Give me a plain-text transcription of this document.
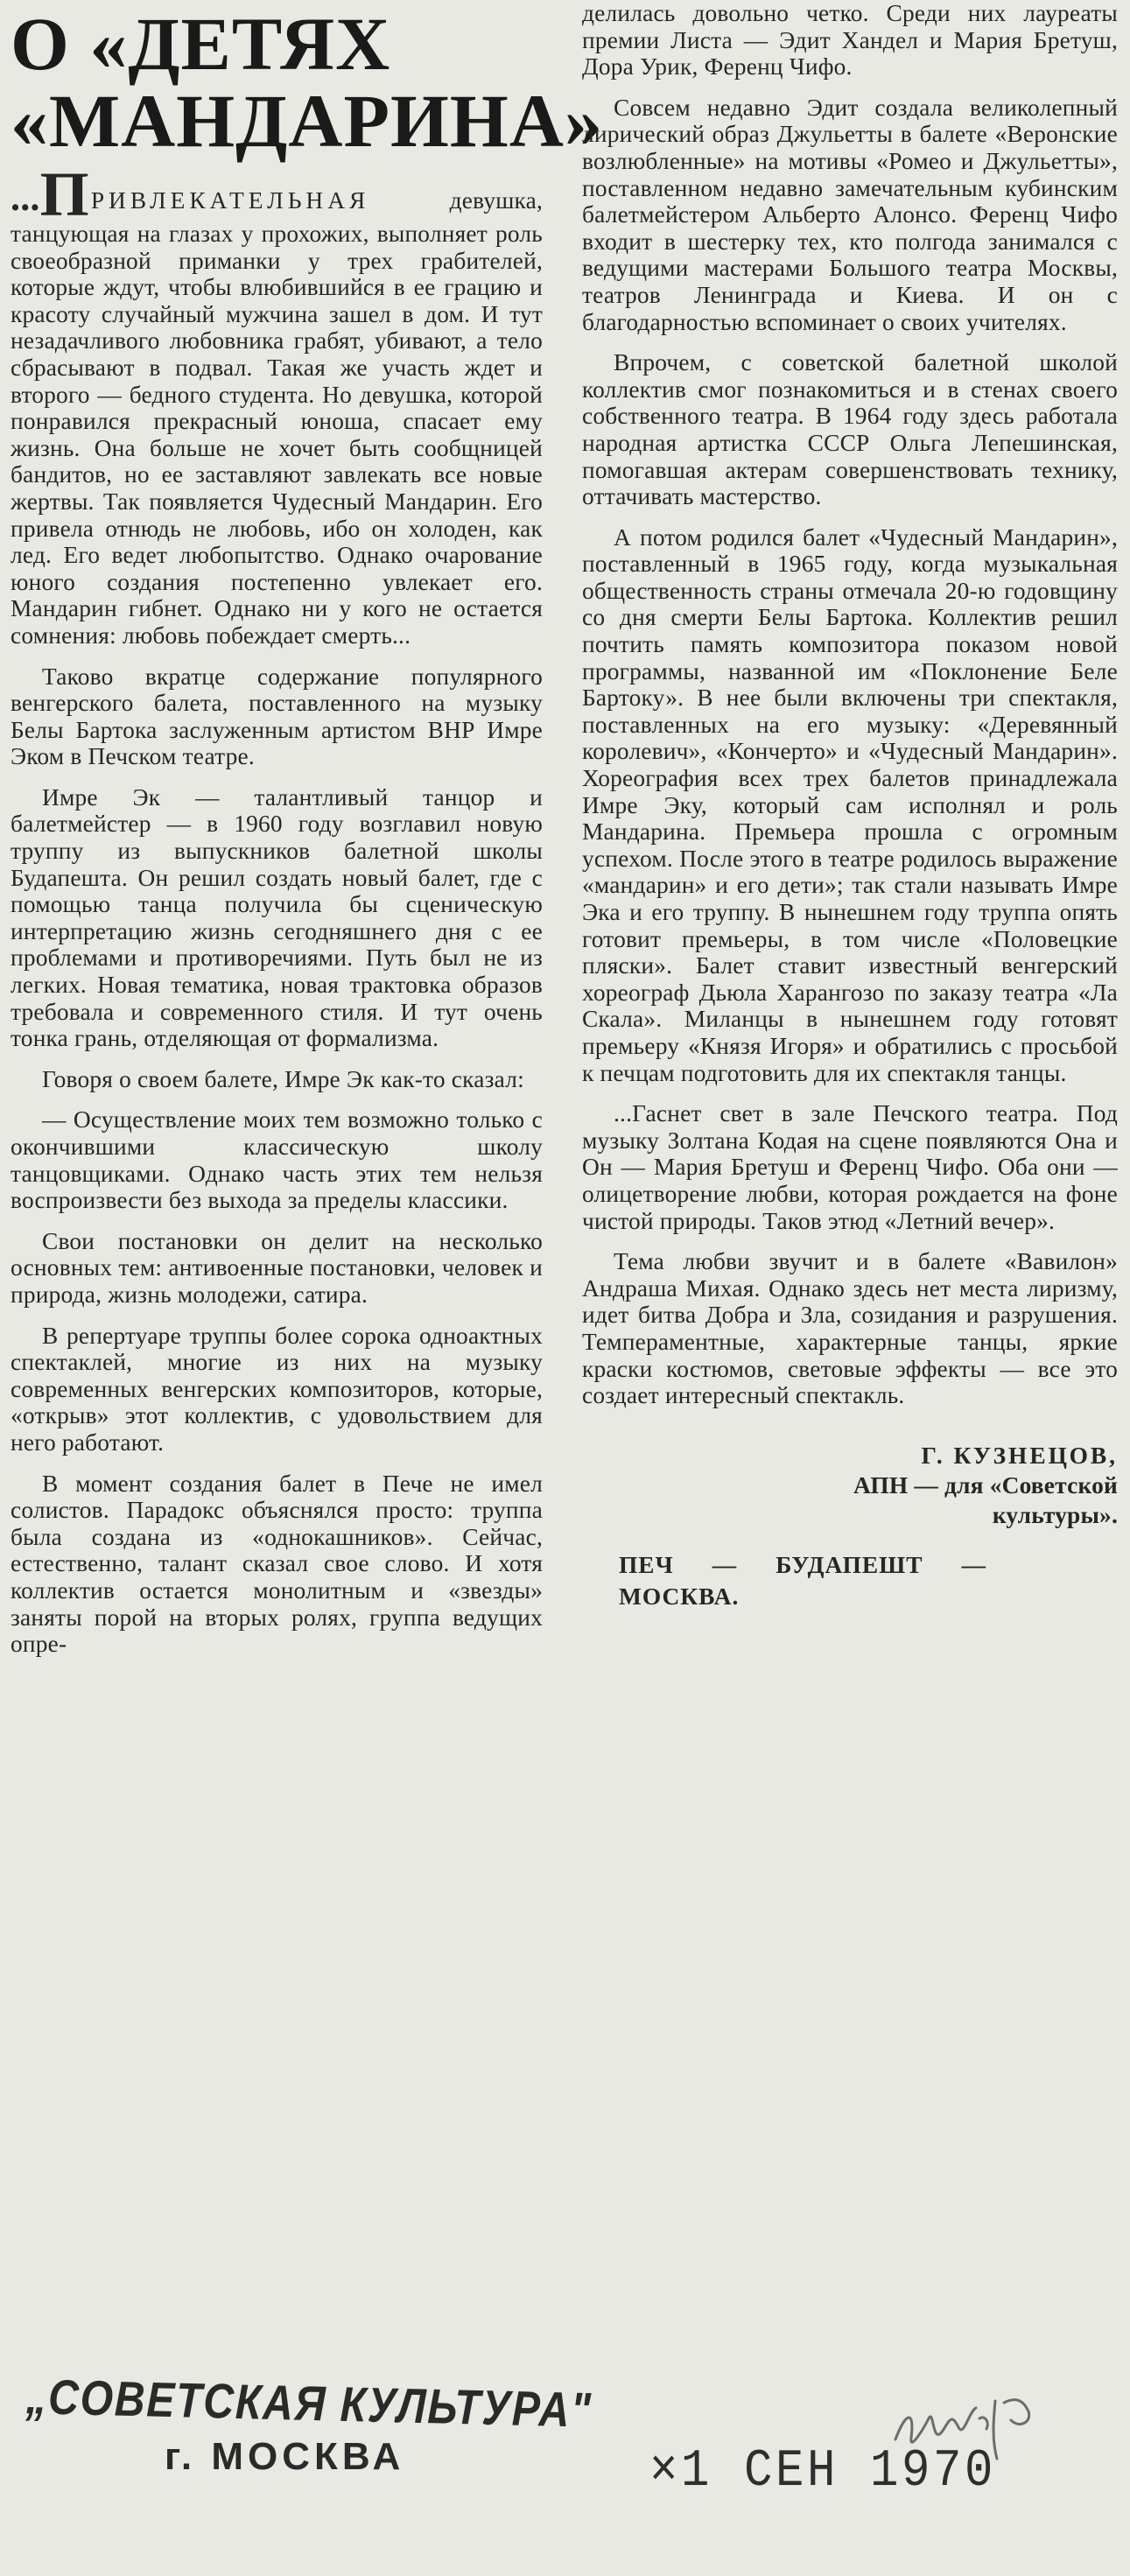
О «ДЕТЯХ
«МАНДАРИНА»

...ПРИВЛЕКАТЕЛЬНАЯ девушка, танцующая на глазах у прохожих, выполняет роль своеобразной приманки у трех грабителей, которые ждут, чтобы влюбившийся в ее грацию и красоту случайный мужчина зашел в дом. И тут незадачливого любовника грабят, убивают, а тело сбрасывают в подвал. Такая же участь ждет и второго — бедного студента. Но девушка, которой понравился прекрасный юноша, спасает ему жизнь. Она больше не хочет быть сообщницей бандитов, но ее заставляют завлекать все новые жертвы. Так появляется Чудесный Мандарин. Его привела отнюдь не любовь, ибо он холоден, как лед. Его ведет любопытство. Однако очарование юного создания постепенно увлекает его. Мандарин гибнет. Однако ни у кого не остается сомнения: любовь побеждает смерть...

Таково вкратце содержание популярного венгерского балета, поставленного на музыку Белы Бартока заслуженным артистом ВНР Имре Эком в Печском театре.

Имре Эк — талантливый танцор и балетмейстер — в 1960 году возглавил новую труппу из выпускников балетной школы Будапешта. Он решил создать новый балет, где с помощью танца получила бы сценическую интерпретацию жизнь сегодняшнего дня с ее проблемами и противоречиями. Путь был не из легких. Новая тематика, новая трактовка образов требовала и современного стиля. И тут очень тонка грань, отделяющая от формализма.

Говоря о своем балете, Имре Эк как-то сказал:

— Осуществление моих тем возможно только с окончившими классическую школу танцовщиками. Однако часть этих тем нельзя воспроизвести без выхода за пределы классики.

Свои постановки он делит на несколько основных тем: антивоенные постановки, человек и природа, жизнь молодежи, сатира.

В репертуаре труппы более сорока одноактных спектаклей, многие из них на музыку современных венгерских композиторов, которые, «открыв» этот коллектив, с удовольствием для него работают.

В момент создания балет в Пече не имел солистов. Парадокс объяснялся просто: труппа была создана из «однокашников». Сейчас, естественно, талант сказал свое слово. И хотя коллектив остается монолитным и «звезды» заняты порой на вторых ролях, группа ведущих опре-

делилась довольно четко. Среди них лауреаты премии Листа — Эдит Хандел и Мария Бретуш, Дора Урик, Ференц Чифо.

Совсем недавно Эдит создала великолепный лирический образ Джульетты в балете «Веронские возлюбленные» на мотивы «Ромео и Джульетты», поставленном недавно замечательным кубинским балетмейстером Альберто Алонсо. Ференц Чифо входит в шестерку тех, кто полгода занимался с ведущими мастерами Большого театра Москвы, театров Ленинграда и Киева. И он с благодарностью вспоминает о своих учителях.

Впрочем, с советской балетной школой коллектив смог познакомиться и в стенах своего собственного театра. В 1964 году здесь работала народная артистка СССР Ольга Лепешинская, помогавшая актерам совершенствовать технику, оттачивать мастерство.

А потом родился балет «Чудесный Мандарин», поставленный в 1965 году, когда музыкальная общественность страны отмечала 20-ю годовщину со дня смерти Белы Бартока. Коллектив решил почтить память композитора показом новой программы, названной им «Поклонение Беле Бартоку». В нее были включены три спектакля, поставленных на его музыку: «Деревянный королевич», «Кончерто» и «Чудесный Мандарин». Хореография всех трех балетов принадлежала Имре Эку, который сам исполнял и роль Мандарина. Премьера прошла с огромным успехом. После этого в театре родилось выражение «мандарин» и его дети»; так стали называть Имре Эка и его труппу. В нынешнем году труппа опять готовит премьеры, в том числе «Половецкие пляски». Балет ставит известный венгерский хореограф Дьюла Харангозо по заказу театра «Ла Скала». Миланцы в нынешнем году готовят премьеру «Князя Игоря» и обратились с просьбой к печцам подготовить для их спектакля танцы.

...Гаснет свет в зале Печского театра. Под музыку Золтана Кодая на сцене появляются Она и Он — Мария Бретуш и Ференц Чифо. Оба они — олицетворение любви, которая рождается на фоне чистой природы. Таков этюд «Летний вечер».

Тема любви звучит и в балете «Вавилон» Андраша Михая. Однако здесь нет места лиризму, идет битва Добра и Зла, созидания и разрушения. Темпераментные, характерные танцы, яркие краски костюмов, световые эффекты — все это создает интересный спектакль.

Г. КУЗНЕЦОВ,
АПН — для «Советской
культуры».
ПЕЧ — БУДАПЕШТ — МОСКВА.
„СОВЕТСКАЯ КУЛЬТУРА"
г. МОСКВА	×1 СЕН 1970
